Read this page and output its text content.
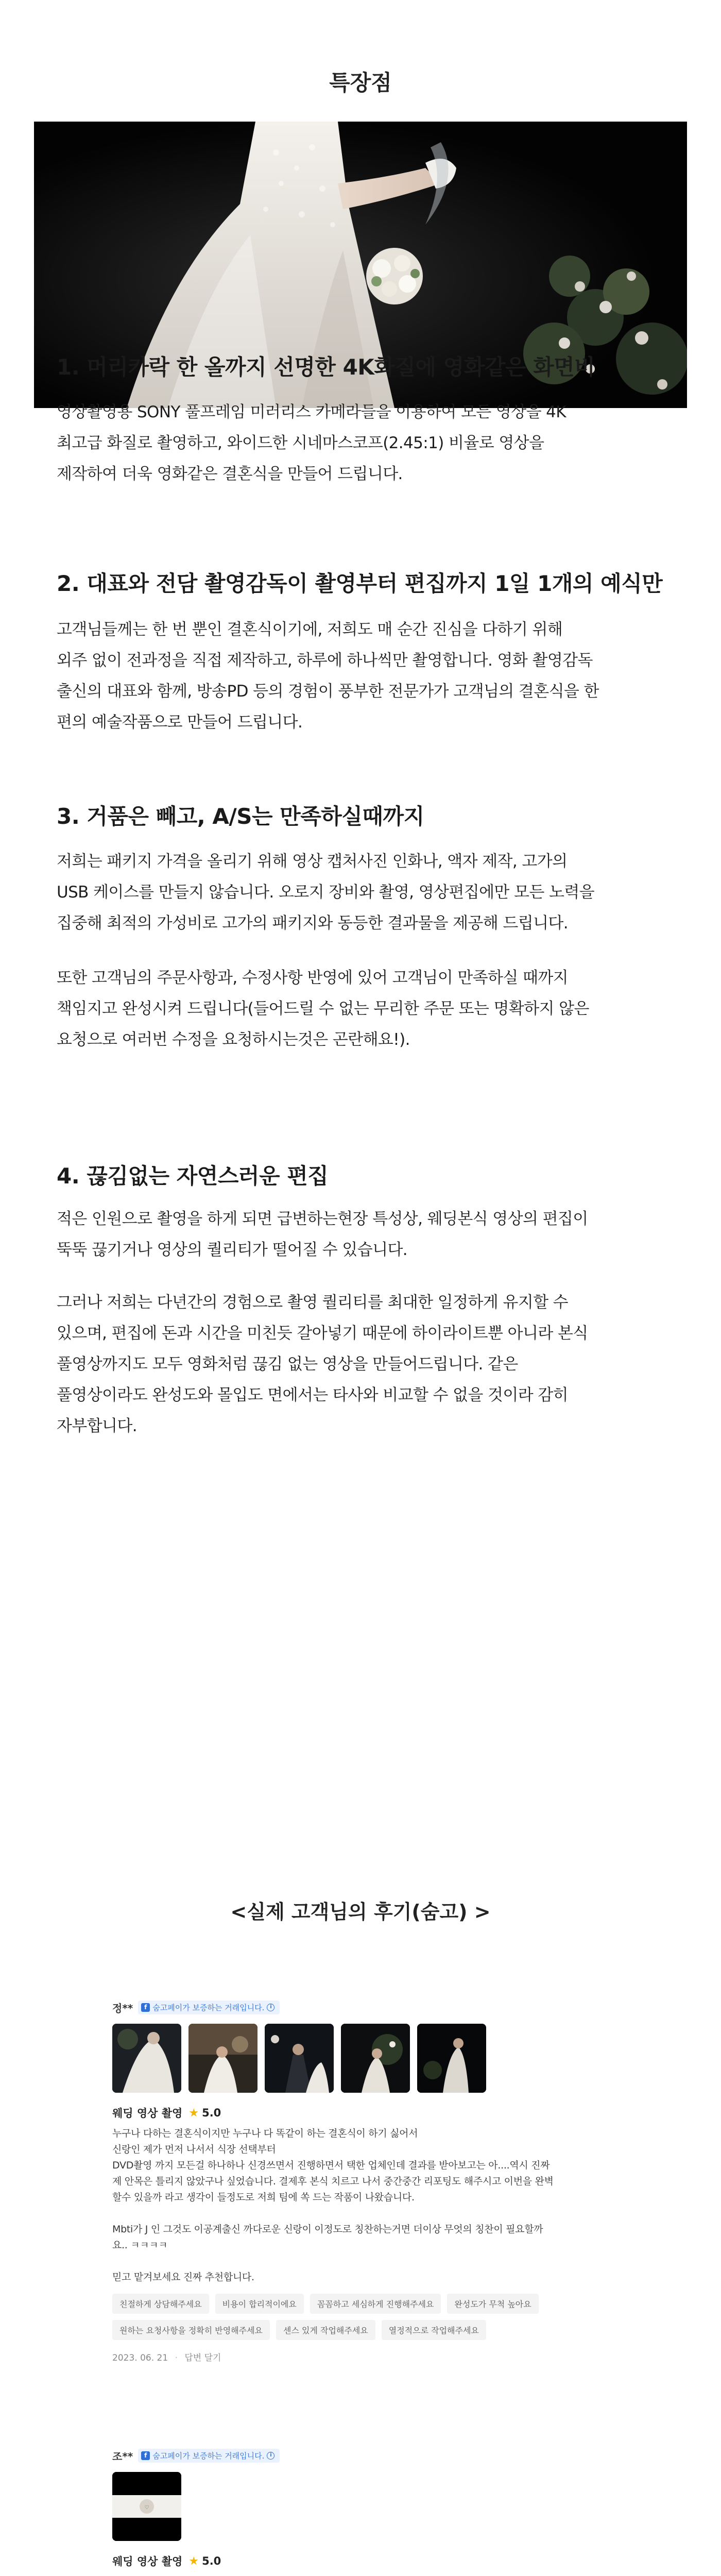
특장점
1. 머리카락 한 올까지 선명한 4K화질에 영화같은 화면비

영상촬영용 SONY 풀프레임 미러리스 카메라들을 이용하여 모든 영상을 4K

최고급 화질로 촬영하고, 와이드한 시네마스코프(2.45:1) 비율로 영상을

제작하여 더욱 영화같은 결혼식을 만들어 드립니다.

2. 대표와 전담 촬영감독이 촬영부터 편집까지 1일 1개의 예식만

고객님들께는 한 번 뿐인 결혼식이기에, 저희도 매 순간 진심을 다하기 위해

외주 없이 전과정을 직접 제작하고, 하루에 하나씩만 촬영합니다. 영화 촬영감독

출신의 대표와 함께, 방송PD 등의 경험이 풍부한 전문가가 고객님의 결혼식을 한

편의 예술작품으로 만들어 드립니다.

3. 거품은 빼고, A/S는 만족하실때까지

저희는 패키지 가격을 올리기 위해 영상 캡처사진 인화나, 액자 제작, 고가의

USB 케이스를 만들지 않습니다. 오로지 장비와 촬영, 영상편집에만 모든 노력을

집중해 최적의 가성비로 고가의 패키지와 동등한 결과물을 제공해 드립니다.

또한 고객님의 주문사항과, 수정사항 반영에 있어 고객님이 만족하실 때까지

책임지고 완성시켜 드립니다(들어드릴 수 없는 무리한 주문 또는 명확하지 않은

요청으로 여러번 수정을 요청하시는것은 곤란해요!).

4. 끊김없는 자연스러운 편집

적은 인원으로 촬영을 하게 되면 급변하는현장 특성상, 웨딩본식 영상의 편집이

뚝뚝 끊기거나 영상의 퀄리티가 떨어질 수 있습니다.

그러나 저희는 다년간의 경험으로 촬영 퀄리티를 최대한 일정하게 유지할 수

있으며, 편집에 돈과 시간을 미친듯 갈아넣기 때문에 하이라이트뿐 아니라 본식

풀영상까지도 모두 영화처럼 끊김 없는 영상을 만들어드립니다. 같은

풀영상이라도 완성도와 몰입도 면에서는 타사와 비교할 수 없을 것이라 감히

자부합니다.

<실제 고객님의 후기(숨고) >
정**	f 숨고페이가 보증하는 거래입니다.	i
웨딩 영상 촬영 ★ 5.0

누구나 다하는 결혼식이지만 누구나 다 똑같이 하는 결혼식이 하기 싫어서

신랑인 제가 먼저 나서서 식장 선택부터

DVD촬영 까지 모든걸 하나하나 신경쓰면서 진행하면서 택한 업체인데 결과를 받아보고는 아....역시 진짜

제 안목은 틀리지 않았구나 싶었습니다. 결제후 본식 치르고 나서 중간중간 리포팅도 해주시고 이번을 완벽

할수 있을까 라고 생각이 들정도로 저희 팀에 쏙 드는 작품이 나왔습니다.

Mbti가 J 인 그것도 이공계출신 까다로운 신랑이 이정도로 칭찬하는거면 더이상 무엇의 칭찬이 필요할까

요.. ㅋㅋㅋㅋ

믿고 맡겨보세요 진짜 추천합니다.

친절하게 상담해주세요	비용이 합리적이에요	꼼꼼하고 세심하게 진행해주세요	완성도가 무척 높아요
원하는 요청사항을 정확히 반영해주세요	센스 있게 작업해주세요	열정적으로 작업해주세요
2023. 06. 21 · 답변 달기
조**	f 숨고페이가 보증하는 거래입니다.	i
♡
웨딩 영상 촬영 ★ 5.0
